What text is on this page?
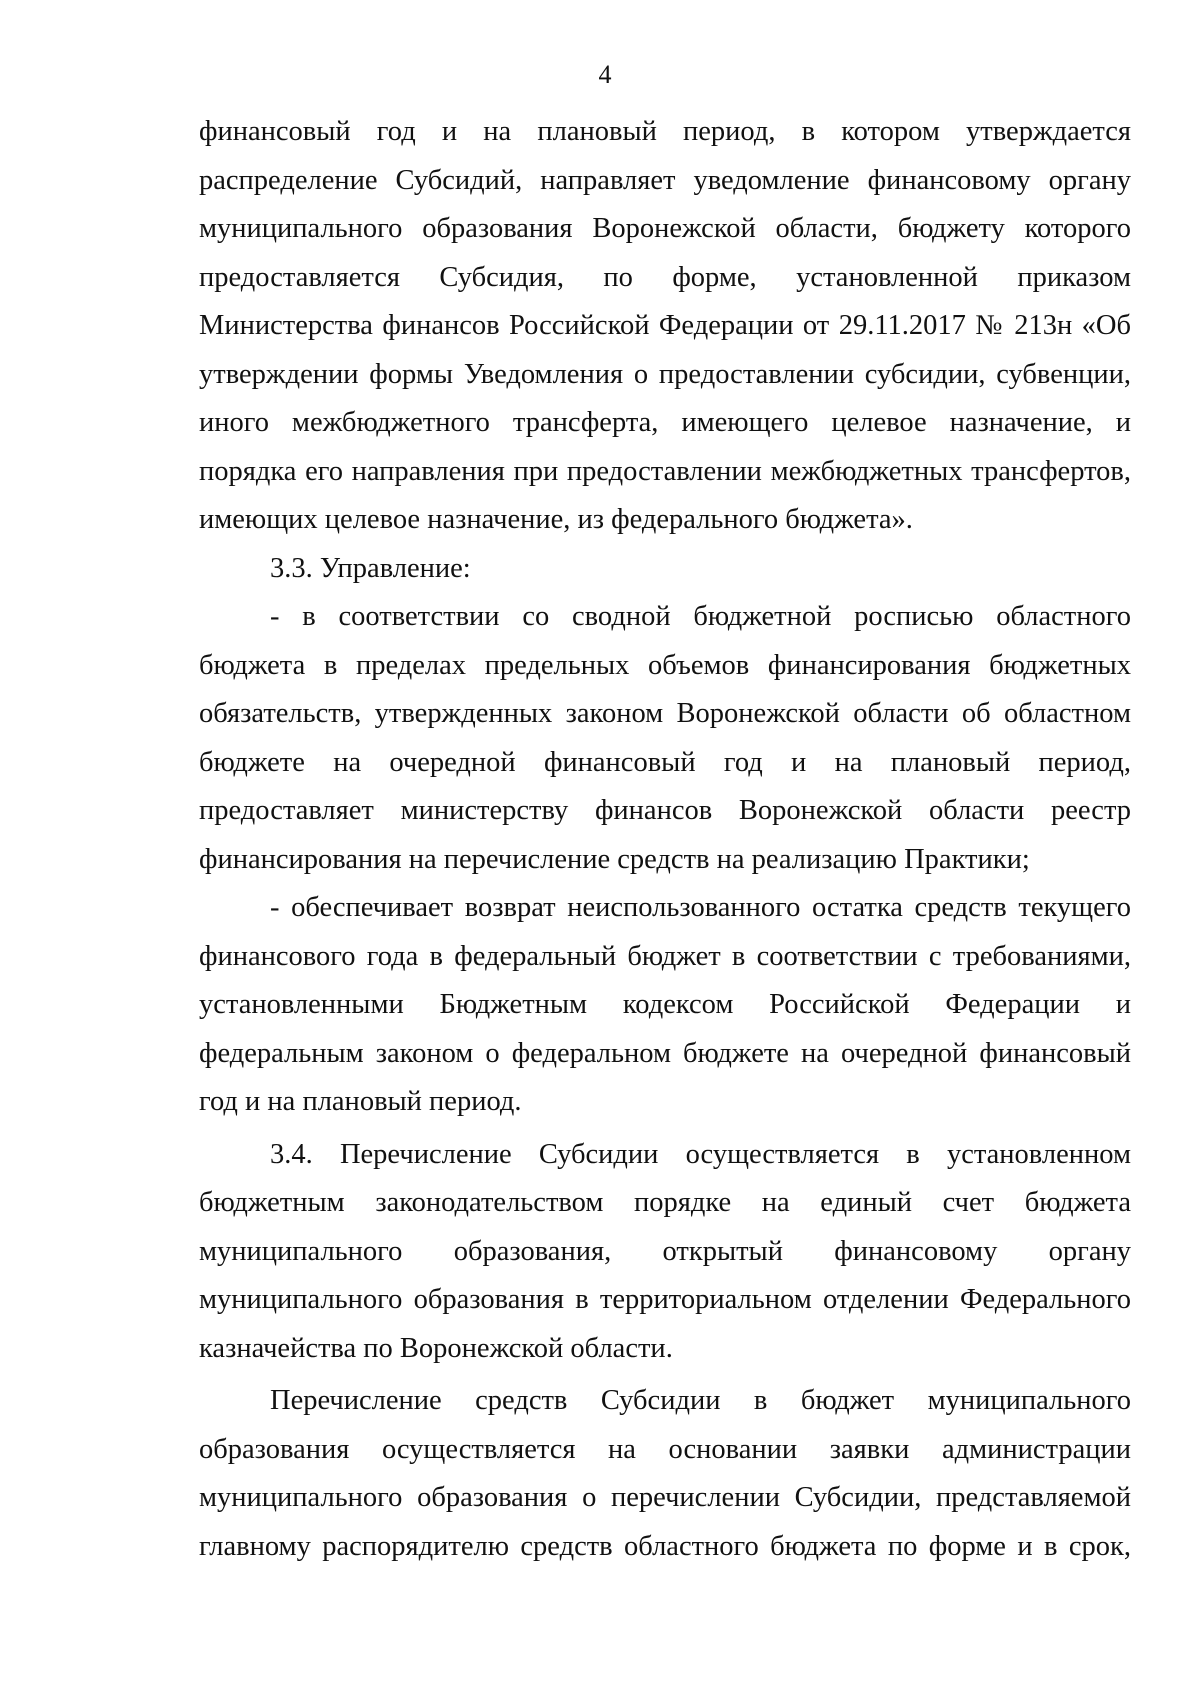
4

финансовый год и на плановый период, в котором утверждается распределение Субсидий, направляет уведомление финансовому органу муниципального образования Воронежской области, бюджету которого предоставляется Субсидия, по форме, установленной приказом Министерства финансов Российской Федерации от 29.11.2017 № 213н «Об утверждении формы Уведомления о предоставлении субсидии, субвенции, иного межбюджетного трансферта, имеющего целевое назначение, и порядка его направления при предоставлении межбюджетных трансфертов, имеющих целевое назначение, из федерального бюджета».

3.3. Управление:

- в соответствии со сводной бюджетной росписью областного бюджета в пределах предельных объемов финансирования бюджетных обязательств, утвержденных законом Воронежской области об областном бюджете на очередной финансовый год и на плановый период, предоставляет министерству финансов Воронежской области реестр финансирования на перечисление средств на реализацию Практики;

- обеспечивает возврат неиспользованного остатка средств текущего финансового года в федеральный бюджет в соответствии с требованиями, установленными Бюджетным кодексом Российской Федерации и федеральным законом о федеральном бюджете на очередной финансовый год и на плановый период.

3.4. Перечисление Субсидии осуществляется в установленном бюджетным законодательством порядке на единый счет бюджета муниципального образования, открытый финансовому органу муниципального образования в территориальном отделении Федерального казначейства по Воронежской области.

Перечисление средств Субсидии в бюджет муниципального образования осуществляется на основании заявки администрации муниципального образования о перечислении Субсидии, представляемой главному распорядителю средств областного бюджета по форме и в срок,
